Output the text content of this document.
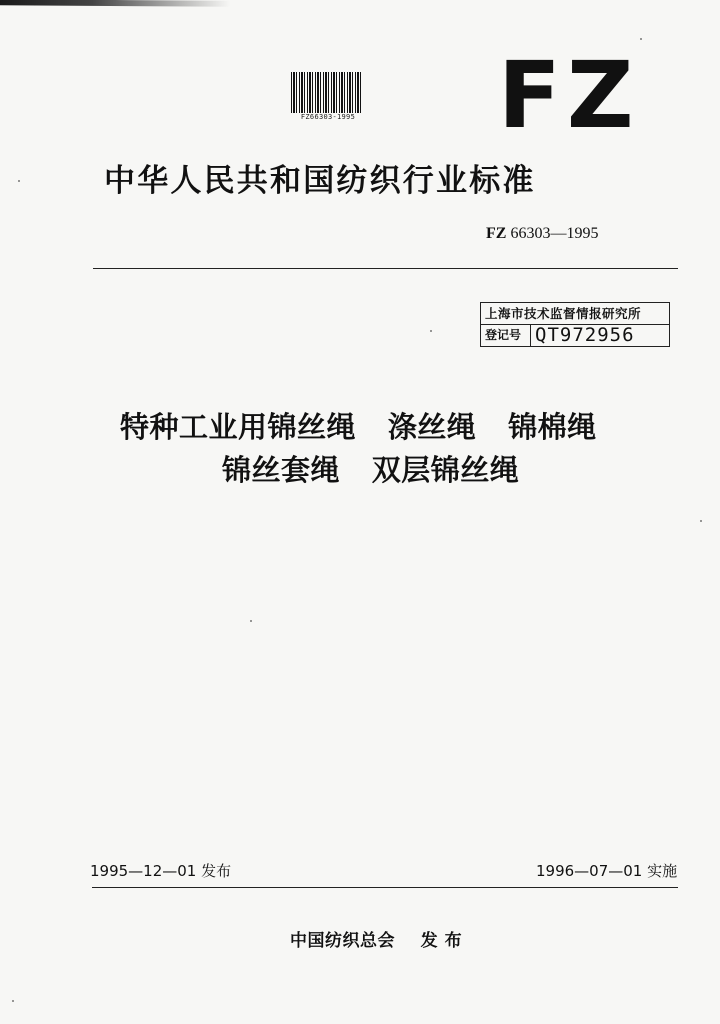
FZ66303-1995 FZ
中华人民共和国纺织行业标准
FZ 66303—1995
上海市技术监督情报研究所
登记号 QT972956
特种工业用锦丝绳   涤丝绳   锦棉绳
锦丝套绳   双层锦丝绳
1995—12—01 发布	1996—07—01 实施
中国纺织总会    发 布
